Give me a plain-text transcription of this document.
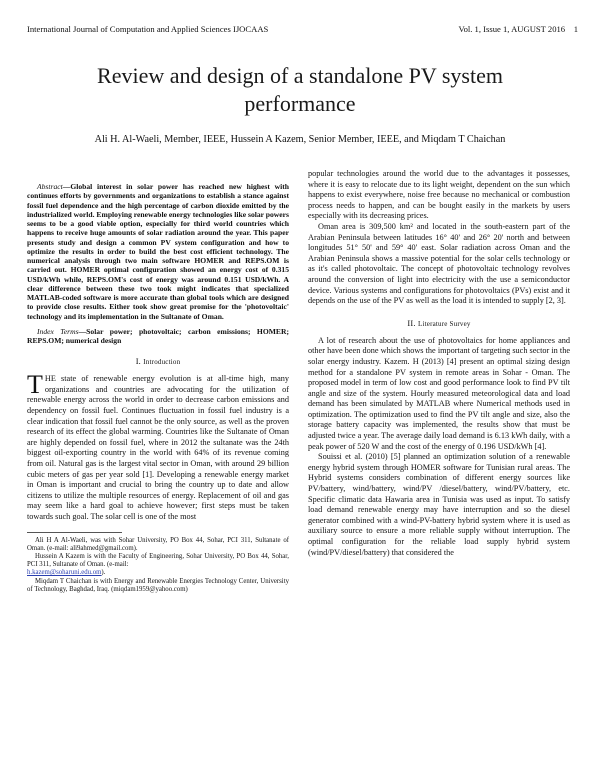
International Journal of Computation and Applied Sciences IJOCAAS	Vol. 1, Issue 1, AUGUST 2016 1
Review and design of a standalone PV system performance
Ali H. Al-Waeli, Member, IEEE, Hussein A Kazem, Senior Member, IEEE, and Miqdam T Chaichan

Abstract—Global interest in solar power has reached new highest with continues efforts by governments and organizations to establish a stance against fossil fuel dependence and the high percentage of carbon dioxide emitted by the industrialized world. Employing renewable energy technologies like solar powers seems to be a good viable option, especially for third world countries which happens to receive huge amounts of solar radiation around the year. This paper presents study and design a common PV system configuration and how to optimize the results in order to build the best cost efficient technology. The numerical analysis through two main software HOMER and REPS.OM is carried out. HOMER optimal configuration showed an energy cost of 0.315 USD/kWh while, REPS.OM's cost of energy was around 0.151 USD/kWh. A clear difference between these two took might indicates that specialized MATLAB-coded software is more accurate than global tools which are designed to provide close results. Either took show great promise for the 'photovoltaic' technology and its implementation in the Sultanate of Oman.

Index Terms—Solar power; photovoltaic; carbon emissions; HOMER; REPS.OM; numerical design

I. Introduction

THE state of renewable energy evolution is at all-time high, many organizations and countries are advocating for the utilization of renewable energy across the world in order to decrease carbon emissions and dependency on fossil fuel. Continues fluctuation in fossil fuel industry is a clear indication that fossil fuel cannot be the only source, as well as the proven research of its effect the global warming. Countries like the Sultanate of Oman are highly depended on fossil fuel, where in 2012 the sultanate was the 24th biggest oil-exporting country in the world with 64% of its revenue coming from oil. Natural gas is the largest vital sector in Oman, with around 29 billion cubic meters of gas per year sold [1]. Developing a renewable energy market in Oman is important and crucial to bring the country up to date and allow citizens to utilize the multiple resources of energy. Replacement of oil and gas may seem like a hard goal to achieve however; first steps must be taken towards such goal. The solar cell is one of the most

Ali H A Al-Waeli, was with Sohar University, PO Box 44, Sohar, PCI 311, Sultanate of Oman. (e-mail: ali9ahmed@gmail.com).

Hussein A Kazem is with the Faculty of Engineering, Sohar University, PO Box 44, Sohar, PCI 311, Sultanate of Oman. (e-mail:
h.kazem@soharuni.edu.om).

Miqdam T Chaichan is with Energy and Renewable Energies Technology Center, University of Technology, Baghdad, Iraq. (miqdam1959@yahoo.com)

popular technologies around the world due to the advantages it possesses, where it is easy to relocate due to its light weight, dependent on the sun which happens to exist everywhere, noise free because no mechanical or combustion process needs to happen, and can be bought easily in the markets by users especially with its decreasing prices.

Oman area is 309,500 km² and located in the south-eastern part of the Arabian Peninsula between latitudes 16° 40' and 26° 20' north and between longitudes 51° 50' and 59° 40' east. Solar radiation across Oman and the Arabian Peninsula shows a massive potential for the solar cells technology or as it's called photovoltaic. The concept of photovoltaic technology revolves around the conversion of light into electricity with the use a semiconductor device. Various systems and configurations for photovoltaics (PVs) exist and it depends on the use of the PV as well as the load it is intended to supply [2, 3].

II. Literature Survey

A lot of research about the use of photovoltaics for home appliances and other have been done which shows the important of targeting such sector in the solar energy industry. Kazem. H (2013) [4] present an optimal sizing design method for a standalone PV system in remote areas in Sohar - Oman. The proposed model in term of low cost and good performance look to find PV tilt angle and size of the system. Hourly measured meteorological data and load demand has been simulated by MATLAB where Numerical methods used in optimization. The optimization used to find the PV tilt angle and size, also the storage battery capacity was implemented, the results show that must be adjusted twice a year. The average daily load demand is 6.13 kWh daily, with a peak power of 520 W and the cost of the energy of 0.196 USD/kWh [4].

Souissi et al. (2010) [5] planned an optimization solution of a renewable energy hybrid system through HOMER software for Tunisian rural areas. The Hybrid systems considers combination of different energy sources like PV/battery, wind/battery, wind/PV /diesel/battery, wind/PV/battery, etc. Specific climatic data Hawaria area in Tunisia was used as input. To satisfy load demand renewable energy may have interruption and so the diesel generator combined with a wind-PV-battery hybrid system where it is used as auxiliary source to ensure a more reliable supply without interruption. The optimal configuration for the reliable load supply hybrid system (wind/PV/diesel/battery) that considered the
